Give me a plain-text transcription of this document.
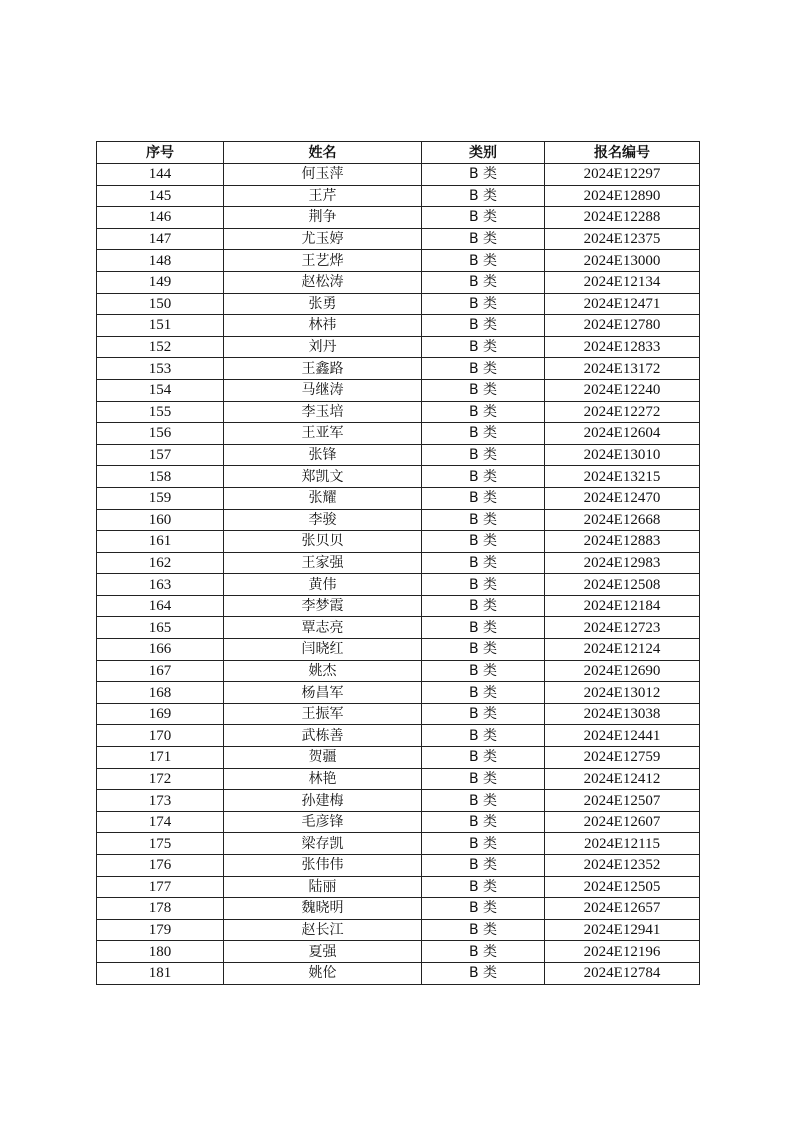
序号	姓名	类别	报名编号
144	何玉萍	B 类	2024E12297
145	王芹	B 类	2024E12890
146	荆争	B 类	2024E12288
147	尤玉婷	B 类	2024E12375
148	王艺烨	B 类	2024E13000
149	赵松涛	B 类	2024E12134
150	张勇	B 类	2024E12471
151	林祎	B 类	2024E12780
152	刘丹	B 类	2024E12833
153	王鑫路	B 类	2024E13172
154	马继涛	B 类	2024E12240
155	李玉培	B 类	2024E12272
156	王亚军	B 类	2024E12604
157	张锋	B 类	2024E13010
158	郑凯文	B 类	2024E13215
159	张耀	B 类	2024E12470
160	李骏	B 类	2024E12668
161	张贝贝	B 类	2024E12883
162	王家强	B 类	2024E12983
163	黄伟	B 类	2024E12508
164	李梦霞	B 类	2024E12184
165	覃志亮	B 类	2024E12723
166	闫晓红	B 类	2024E12124
167	姚杰	B 类	2024E12690
168	杨昌军	B 类	2024E13012
169	王振军	B 类	2024E13038
170	武栋善	B 类	2024E12441
171	贺疆	B 类	2024E12759
172	林艳	B 类	2024E12412
173	孙建梅	B 类	2024E12507
174	毛彦锋	B 类	2024E12607
175	梁存凯	B 类	2024E12115
176	张伟伟	B 类	2024E12352
177	陆丽	B 类	2024E12505
178	魏晓明	B 类	2024E12657
179	赵长江	B 类	2024E12941
180	夏强	B 类	2024E12196
181	姚伦	B 类	2024E12784
